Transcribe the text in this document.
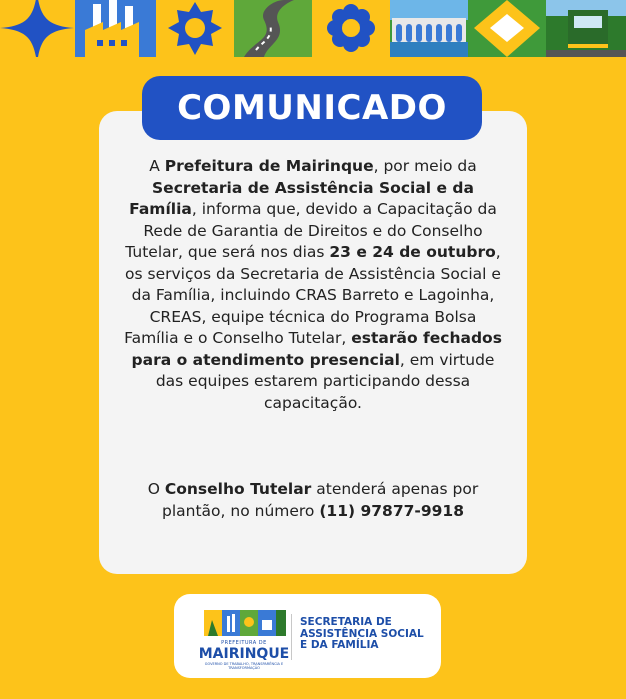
COMUNICADO

A Prefeitura de Mairinque, por meio da Secretaria de Assistência Social e da Família, informa que, devido a Capacitação da Rede de Garantia de Direitos e do Conselho Tutelar, que será nos dias 23 e 24 de outubro, os serviços da Secretaria de Assistência Social e da Família, incluindo CRAS Barreto e Lagoinha, CREAS, equipe técnica do Programa Bolsa Família e o Conselho Tutelar, estarão fechados para o atendimento presencial, em virtude das equipes estarem participando dessa capacitação.

O Conselho Tutelar atenderá apenas por plantão, no número (11) 97877-9918

PREFEITURA DE
MAIRINQUE
GOVERNO DE TRABALHO, TRANSPARÊNCIA E TRANSFORMAÇÃO
SECRETARIA DE
ASSISTÊNCIA SOCIAL
E DA FAMÍLIA
